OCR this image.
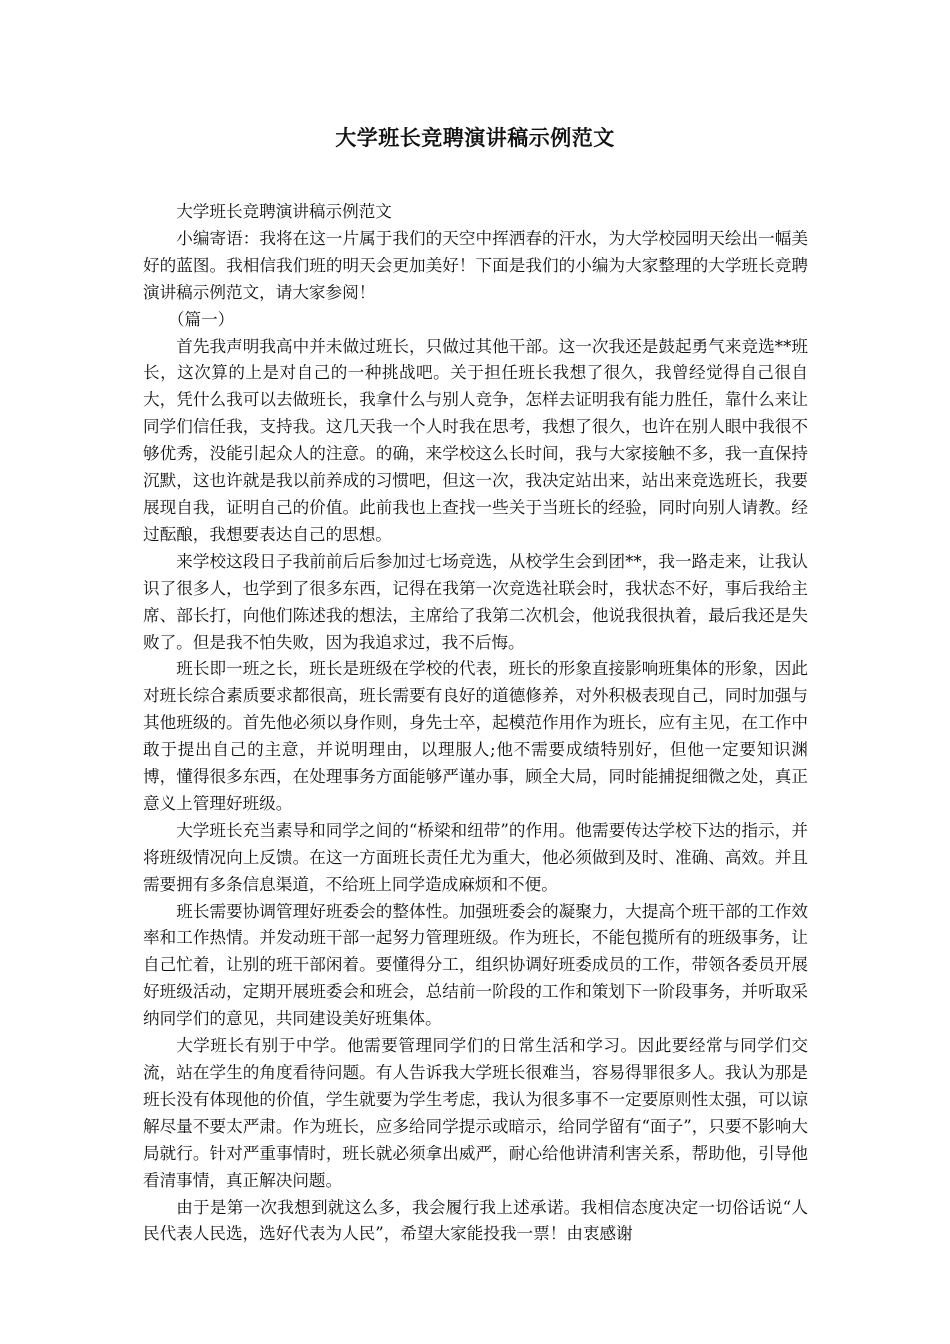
大学班长竞聘演讲稿示例范文

大学班长竞聘演讲稿示例范文

小编寄语：我将在这一片属于我们的天空中挥洒春的汗水，为大学校园明天绘出一幅美好的蓝图。我相信我们班的明天会更加美好！下面是我们的小编为大家整理的大学班长竞聘演讲稿示例范文，请大家参阅！

（篇一）

首先我声明我高中并未做过班长，只做过其他干部。这一次我还是鼓起勇气来竞选**班长，这次算的上是对自己的一种挑战吧。关于担任班长我想了很久，我曾经觉得自己很自大，凭什么我可以去做班长，我拿什么与别人竞争，怎样去证明我有能力胜任，靠什么来让同学们信任我，支持我。这几天我一个人时我在思考，我想了很久，也许在别人眼中我很不够优秀，没能引起众人的注意。的确，来学校这么长时间，我与大家接触不多，我一直保持沉默，这也许就是我以前养成的习惯吧，但这一次，我决定站出来，站出来竞选班长，我要展现自我，证明自己的价值。此前我也上查找一些关于当班长的经验，同时向别人请教。经过酝酿，我想要表达自己的思想。

来学校这段日子我前前后后参加过七场竞选，从校学生会到团**，我一路走来，让我认识了很多人，也学到了很多东西，记得在我第一次竞选社联会时，我状态不好，事后我给主席、部长打，向他们陈述我的想法，主席给了我第二次机会，他说我很执着，最后我还是失败了。但是我不怕失败，因为我追求过，我不后悔。

班长即一班之长，班长是班级在学校的代表，班长的形象直接影响班集体的形象，因此对班长综合素质要求都很高，班长需要有良好的道德修养，对外积极表现自己，同时加强与其他班级的。首先他必须以身作则，身先士卒，起模范作用作为班长，应有主见，在工作中敢于提出自己的主意，并说明理由，以理服人;他不需要成绩特别好，但他一定要知识渊博，懂得很多东西，在处理事务方面能够严谨办事，顾全大局，同时能捕捉细微之处，真正意义上管理好班级。

大学班长充当素导和同学之间的“桥梁和纽带”的作用。他需要传达学校下达的指示，并将班级情况向上反馈。在这一方面班长责任尤为重大，他必须做到及时、准确、高效。并且需要拥有多条信息渠道，不给班上同学造成麻烦和不便。

班长需要协调管理好班委会的整体性。加强班委会的凝聚力，大提高个班干部的工作效率和工作热情。并发动班干部一起努力管理班级。作为班长，不能包揽所有的班级事务，让自己忙着，让别的班干部闲着。要懂得分工，组织协调好班委成员的工作，带领各委员开展好班级活动，定期开展班委会和班会，总结前一阶段的工作和策划下一阶段事务，并听取采纳同学们的意见，共同建设美好班集体。

大学班长有别于中学。他需要管理同学们的日常生活和学习。因此要经常与同学们交流，站在学生的角度看待问题。有人告诉我大学班长很难当，容易得罪很多人。我认为那是班长没有体现他的价值，学生就要为学生考虑，我认为很多事不一定要原则性太强，可以谅解尽量不要太严肃。作为班长，应多给同学提示或暗示，给同学留有“面子”，只要不影响大局就行。针对严重事情时，班长就必须拿出威严，耐心给他讲清利害关系，帮助他，引导他看清事情，真正解决问题。

由于是第一次我想到就这么多，我会履行我上述承诺。我相信态度决定一切俗话说“人民代表人民选，选好代表为人民”，希望大家能投我一票！由衷感谢
